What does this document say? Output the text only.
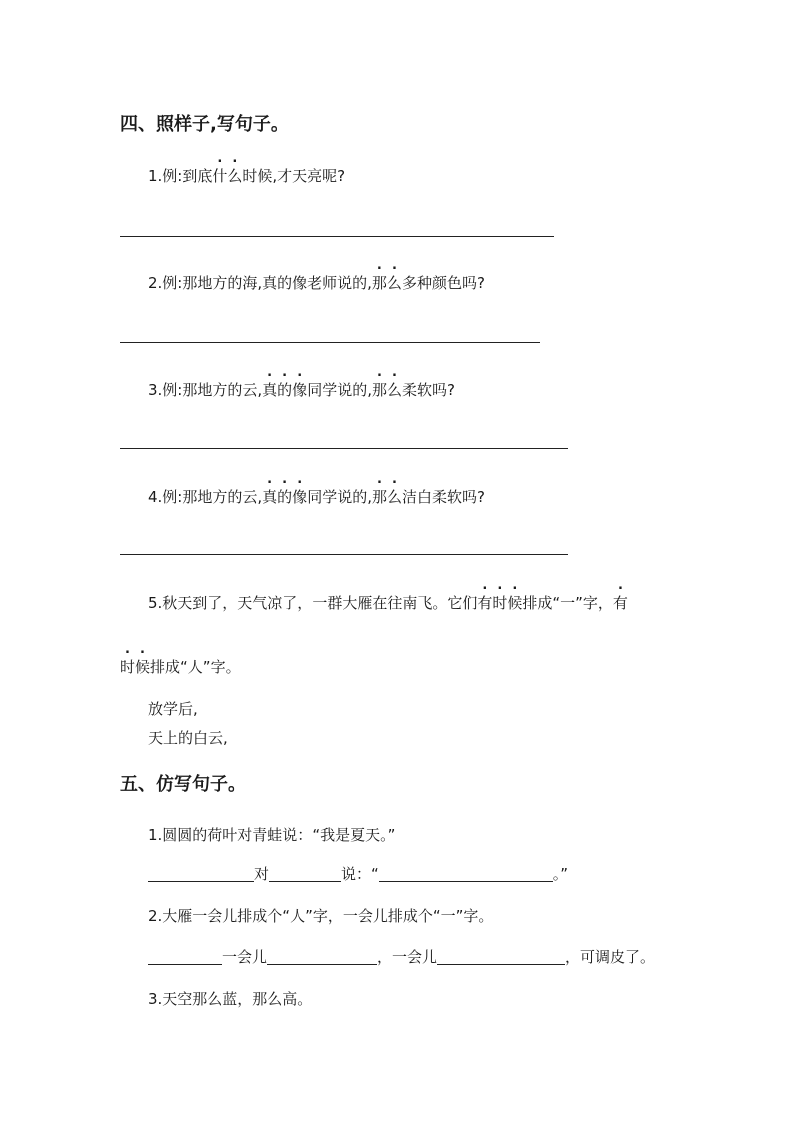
四、照样子,写句子。
1.例:到底什么时候,才天亮呢?
2.例:那地方的海,真的像老师说的,那么多种颜色吗?
3.例:那地方的云,真的像同学说的,那么柔软吗?
4.例:那地方的云,真的像同学说的,那么洁白柔软吗?
5.秋天到了，天气凉了，一群大雁在往南飞。它们有时候排成“一”字，有
时候排成“人”字。
放学后,
天上的白云,
五、仿写句子。
1.圆圆的荷叶对青蛙说：“我是夏天。”
对	说：“	。”
2.大雁一会儿排成个“人”字，一会儿排成个“一”字。
一会儿	，一会儿	，可调皮了。
3.天空那么蓝，那么高。
